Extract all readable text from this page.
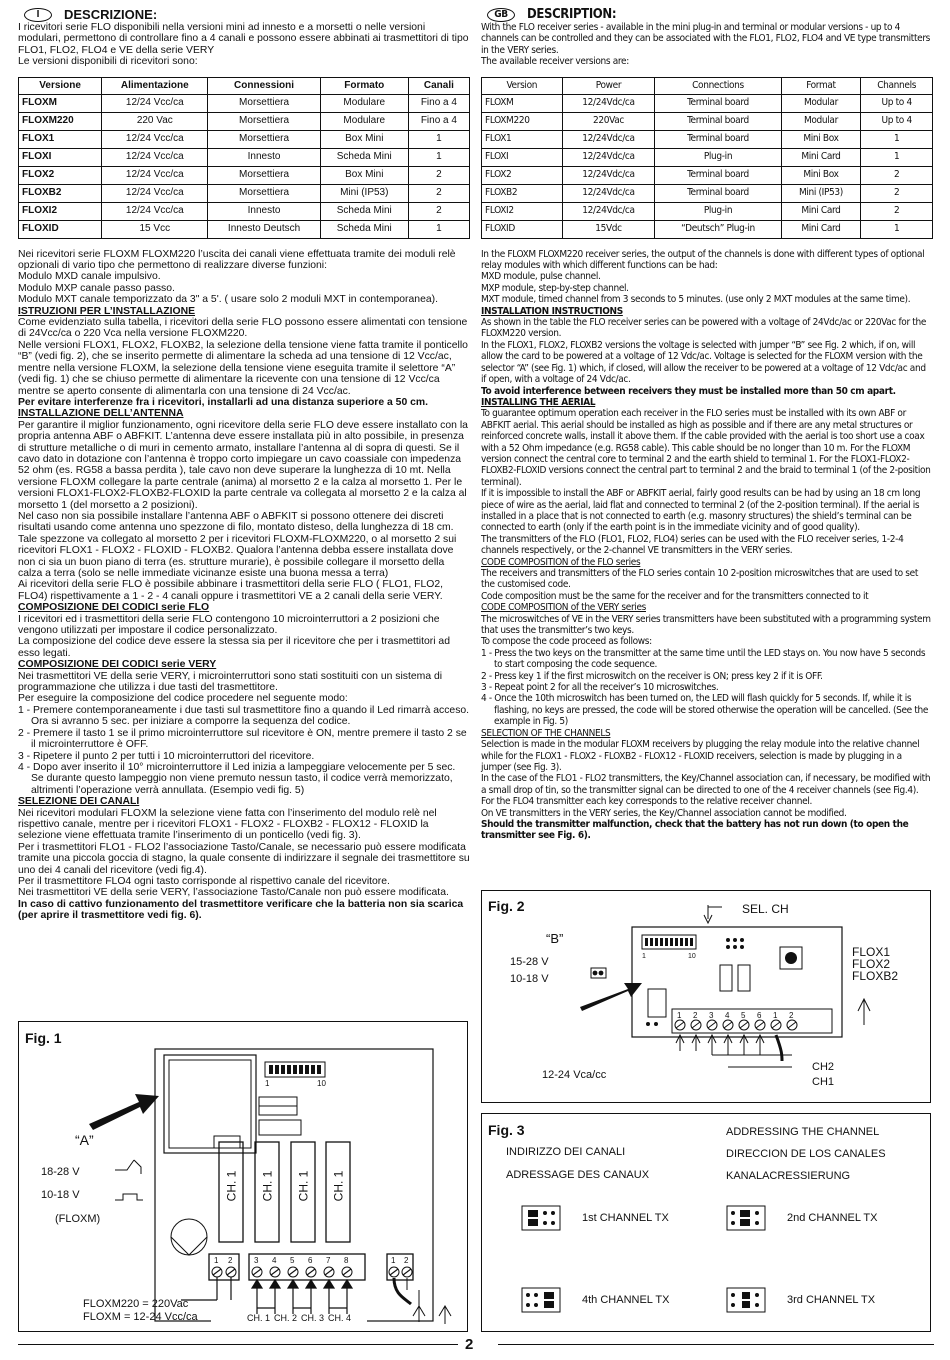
I	DESCRIZIONE:

I ricevitori serie FLO disponibili nella versioni mini ad innesto e a morsetti o nelle versioni modulari, permettono di controllare fino a 4 canali e possono essere abbinati ai trasmettitori di tipo FLO1, FLO2, FLO4 e VE della serie VERY

Le versioni disponibili di ricevitori sono:

Versione	Alimentazione	Connessioni	Formato	Canali
FLOXM	12/24 Vcc/ca	Morsettiera	Modulare	Fino a 4
FLOXM220	220 Vac	Morsettiera	Modulare	Fino a 4
FLOX1	12/24 Vcc/ca	Morsettiera	Box Mini	1
FLOXI	12/24 Vcc/ca	Innesto	Scheda Mini	1
FLOX2	12/24 Vcc/ca	Morsettiera	Box Mini	2
FLOXB2	12/24 Vcc/ca	Morsettiera	Mini (IP53)	2
FLOXI2	12/24 Vcc/ca	Innesto	Scheda Mini	2
FLOXID	15 Vcc	Innesto Deutsch	Scheda Mini	1

Nei ricevitori serie FLOXM FLOXM220 l’uscita dei canali viene effettuata tramite dei moduli relè opzionali di vario tipo che permettono di realizzare diverse funzioni:

Modulo MXD canale impulsivo.

Modulo MXP canale passo passo.

Modulo MXT canale temporizzato da 3" a 5'. ( usare solo 2 moduli MXT in contemporanea).

ISTRUZIONI PER L’INSTALLAZIONE

Come evidenziato sulla tabella, i ricevitori della serie FLO possono essere alimentati con tensione di 24Vcc/ca o 220 Vca nella versione FLOXM220.

Nelle versioni FLOX1, FLOX2, FLOXB2, la selezione della tensione viene fatta tramite il ponticello “B” (vedi fig. 2), che se inserito permette di alimentare la scheda ad una tensione di 12 Vcc/ac, mentre nella versione FLOXM, la selezione della tensione viene eseguita tramite il selettore “A” (vedi fig. 1) che se chiuso permette di alimentare la ricevente con una tensione di 12 Vcc/ca mentre se aperto consente di alimentarla con una tensione di 24 Vcc/ac.

Per evitare interferenze fra i ricevitori, installarli ad una distanza superiore a 50 cm.

INSTALLAZIONE DELL’ANTENNA

Per garantire il miglior funzionamento, ogni ricevitore della serie FLO deve essere installato con la propria antenna ABF o ABFKIT. L’antenna deve essere installata più in alto possibile, in presenza di strutture metalliche o di muri in cemento armato, installare l’antenna al di sopra di questi. Se il cavo dato in dotazione con l’antenna è troppo corto impiegare un cavo coassiale con impedenza 52 ohm (es. RG58 a bassa perdita ), tale cavo non deve superare la lunghezza di 10 mt. Nella versione FLOXM collegare la parte centrale (anima) al morsetto 2 e la calza al morsetto 1. Per le versioni FLOX1-FLOX2-FLOXB2-FLOXID la parte centrale va collegata al morsetto 2 e la calza al morsetto 1 (del morsetto a 2 posizioni).

Nel caso non sia possibile installare l’antenna ABF o ABFKIT si possono ottenere dei discreti risultati usando come antenna uno spezzone di filo, montato disteso, della lunghezza di 18 cm. Tale spezzone va collegato al morsetto 2 per i ricevitori FLOXM-FLOXM220, o al morsetto 2 sui ricevitori FLOX1 - FLOX2 - FLOXID - FLOXB2. Qualora l’antenna debba essere installata dove non ci sia un buon piano di terra (es. strutture murarie), è possibile collegare il morsetto della calza a terra (solo se nelle immediate vicinanze esiste una buona messa a terra)

Ai ricevitori della serie FLO è possibile abbinare i trasmettitori della serie FLO ( FLO1, FLO2, FLO4) rispettivamente a 1 - 2 - 4 canali oppure i trasmettitori VE a 2 canali della serie VERY.

COMPOSIZIONE DEI CODICI serie FLO

I ricevitori ed i trasmettitori della serie FLO contengono 10 microinterruttori a 2 posizioni che vengono utilizzati per impostare il codice personalizzato.

La composizione del codice deve essere la stessa sia per il ricevitore che per i trasmettitori ad esso legati.

COMPOSIZIONE DEI CODICI serie VERY

Nei trasmettitori VE della serie VERY, i microinterruttori sono stati sostituiti con un sistema di programmazione che utilizza i due tasti del trasmettitore.

Per eseguire la composizione del codice procedere nel seguente modo:

1 - Premere contemporaneamente i due tasti sul trasmettitore fino a quando il Led rimarrà acceso. Ora si avranno 5 sec. per iniziare a comporre la sequenza del codice.

2 - Premere il tasto 1 se il primo microinterruttore sul ricevitore è ON, mentre premere il tasto 2 se il microinterruttore è OFF.

3 - Ripetere il punto 2 per tutti i 10 microinterruttori del ricevitore.

4 - Dopo aver inserito il 10° microinterruttore il Led inizia a lampeggiare velocemente per 5 sec. Se durante questo lampeggio non viene premuto nessun tasto, il codice verrà memorizzato, altrimenti l’operazione verrà annullata. (Esempio vedi fig. 5)

SELEZIONE DEI CANALI

Nei ricevitori modulari FLOXM la selezione viene fatta con l’inserimento del modulo relè nel rispettivo canale, mentre per i ricevitori FLOX1 - FLOX2 - FLOXB2 - FLOX12 - FLOXID la selezione viene effettuata tramite l’inserimento di un ponticello (vedi fig. 3).

Per i trasmettitori FLO1 - FLO2 l’associazione Tasto/Canale, se necessario può essere modificata tramite una piccola goccia di stagno, la quale consente di indirizzare il segnale dei trasmettitore su uno dei 4 canali del ricevitore (vedi fig.4).

Per il trasmettitore FLO4 ogni tasto corrisponde al rispettivo canale del ricevitore.

Nei trasmettitori VE della serie VERY, l’associazione Tasto/Canale non può essere modificata.

In caso di cattivo funzionamento del trasmettitore verificare che la batteria non sia scarica (per aprire il trasmettitore vedi fig. 6).

GB	DESCRIPTION:

With the FLO receiver series - available in the mini plug-in and terminal or modular versions - up to 4 channels can be controlled and they can be associated with the FLO1, FLO2, FLO4 and VE type transmitters in the VERY series.

The available receiver versions are:

Version	Power	Connections	Format	Channels
FLOXM	12/24Vdc/ca	Terminal board	Modular	Up to 4
FLOXM220	220Vac	Terminal board	Modular	Up to 4
FLOX1	12/24Vdc/ca	Terminal board	Mini Box	1
FLOXI	12/24Vdc/ca	Plug-in	Mini Card	1
FLOX2	12/24Vdc/ca	Terminal board	Mini Box	2
FLOXB2	12/24Vdc/ca	Terminal board	Mini (IP53)	2
FLOXI2	12/24Vdc/ca	Plug-in	Mini Card	2
FLOXID	15Vdc	“Deutsch” Plug-in	Mini Card	1

In the FLOXM FLOXM220 receiver series, the output of the channels is done with different types of optional relay modules with which different functions can be had:

MXD module, pulse channel.

MXP module, step-by-step channel.

MXT module, timed channel from 3 seconds to 5 minutes. (use only 2 MXT modules at the same time).

INSTALLATION INSTRUCTIONS

As shown in the table the FLO receiver series can be powered with a voltage of 24Vdc/ac or 220Vac for the FLOXM220 version.

In the FLOX1, FLOX2, FLOXB2 versions the voltage is selected with jumper “B” see Fig. 2 which, if on, will allow the card to be powered at a voltage of 12 Vdc/ac. Voltage is selected for the FLOXM version with the selector “A” (see Fig. 1) which, if closed, will allow the receiver to be powered at a voltage of 12 Vdc/ac and if open, with a voltage of 24 Vdc/ac.

To avoid interference between receivers they must be installed more than 50 cm apart.

INSTALLING THE AERIAL

To guarantee optimum operation each receiver in the FLO series must be installed with its own ABF or ABFKIT aerial. This aerial should be installed as high as possible and if there are any metal structures or reinforced concrete walls, install it above them. If the cable provided with the aerial is too short use a coax with a 52 Ohm impedance (e.g. RG58 cable). This cable should be no longer than 10 m. For the FLOXM version connect the central core to terminal 2 and the earth shield to terminal 1. For the FLOX1-FLOX2-FLOXB2-FLOXID versions connect the central part to terminal 2 and the braid to terminal 1 (of the 2-position terminal).

If it is impossible to install the ABF or ABFKIT aerial, fairly good results can be had by using an 18 cm long piece of wire as the aerial, laid flat and connected to terminal 2 (of the 2-position terminal). If the aerial is installed in a place that is not connected to earth (e.g. masonry structures) the shield’s terminal can be connected to earth (only if the earth point is in the immediate vicinity and of good quality).

The transmitters of the FLO (FLO1, FLO2, FLO4) series can be used with the FLO receiver series, 1-2-4 channels respectively, or the 2-channel VE transmitters in the VERY series.

CODE COMPOSITION of the FLO series

The receivers and transmitters of the FLO series contain 10 2-position microswitches that are used to set the customised code.

Code composition must be the same for the receiver and for the transmitters connected to it

CODE COMPOSITION of the VERY series

The microswitches of VE in the VERY series transmitters have been substituted with a programming system that uses the transmitter’s two keys.

To compose the code proceed as follows:

1 - Press the two keys on the transmitter at the same time until the LED stays on. You now have 5 seconds to start composing the code sequence.

2 - Press key 1 if the first microswitch on the receiver is ON; press key 2 if it is OFF.

3 - Repeat point 2 for all the receiver’s 10 microswitches.

4 - Once the 10th microswitch has been turned on, the LED will flash quickly for 5 seconds. If, while it is flashing, no keys are pressed, the code will be stored otherwise the operation will be cancelled. (See the example in Fig. 5)

SELECTION OF THE CHANNELS

Selection is made in the modular FLOXM receivers by plugging the relay module into the relative channel while for the FLOX1 - FLOX2 - FLOXB2 - FLOX12 - FLOXID receivers, selection is made by plugging in a jumper (see Fig. 3).

In the case of the FLO1 - FLO2 transmitters, the Key/Channel association can, if necessary, be modified with a small drop of tin, so the transmitter signal can be directed to one of the 4 receiver channels (see Fig.4).

For the FLO4 transmitter each key corresponds to the relative receiver channel.

On VE transmitters in the VERY series, the Key/Channel association cannot be modified.

Should the transmitter malfunction, check that the battery has not run down (to open the transmitter see Fig. 6).

Fig. 1
“A”
18-28 V
10-18 V
(FLOXM)
1	10
CH. 1 CH. 1 CH. 1 CH. 1
1 2	3 4 5 6 7 8	1 2
FLOXM220 = 220Vac
FLOXM = 12-24 Vcc/ca	CH. 1 CH. 2 CH. 3 CH. 4
Fig. 2
“B”
15-28 V
10-18 V
SEL. CH
1	10	FLOX1
FLOX2
FLOXB2
1 2 3 4 5 6 1 2
12-24 Vca/cc
CH2
CH1
Fig. 3
INDIRIZZO DEI CANALI
ADRESSAGE DES CANAUX
ADDRESSING THE CHANNEL
DIRECCION DE LOS CANALES
KANALACRESSIERUNG
1st CHANNEL TX	2nd CHANNEL TX
4th CHANNEL TX	3rd CHANNEL TX
2
